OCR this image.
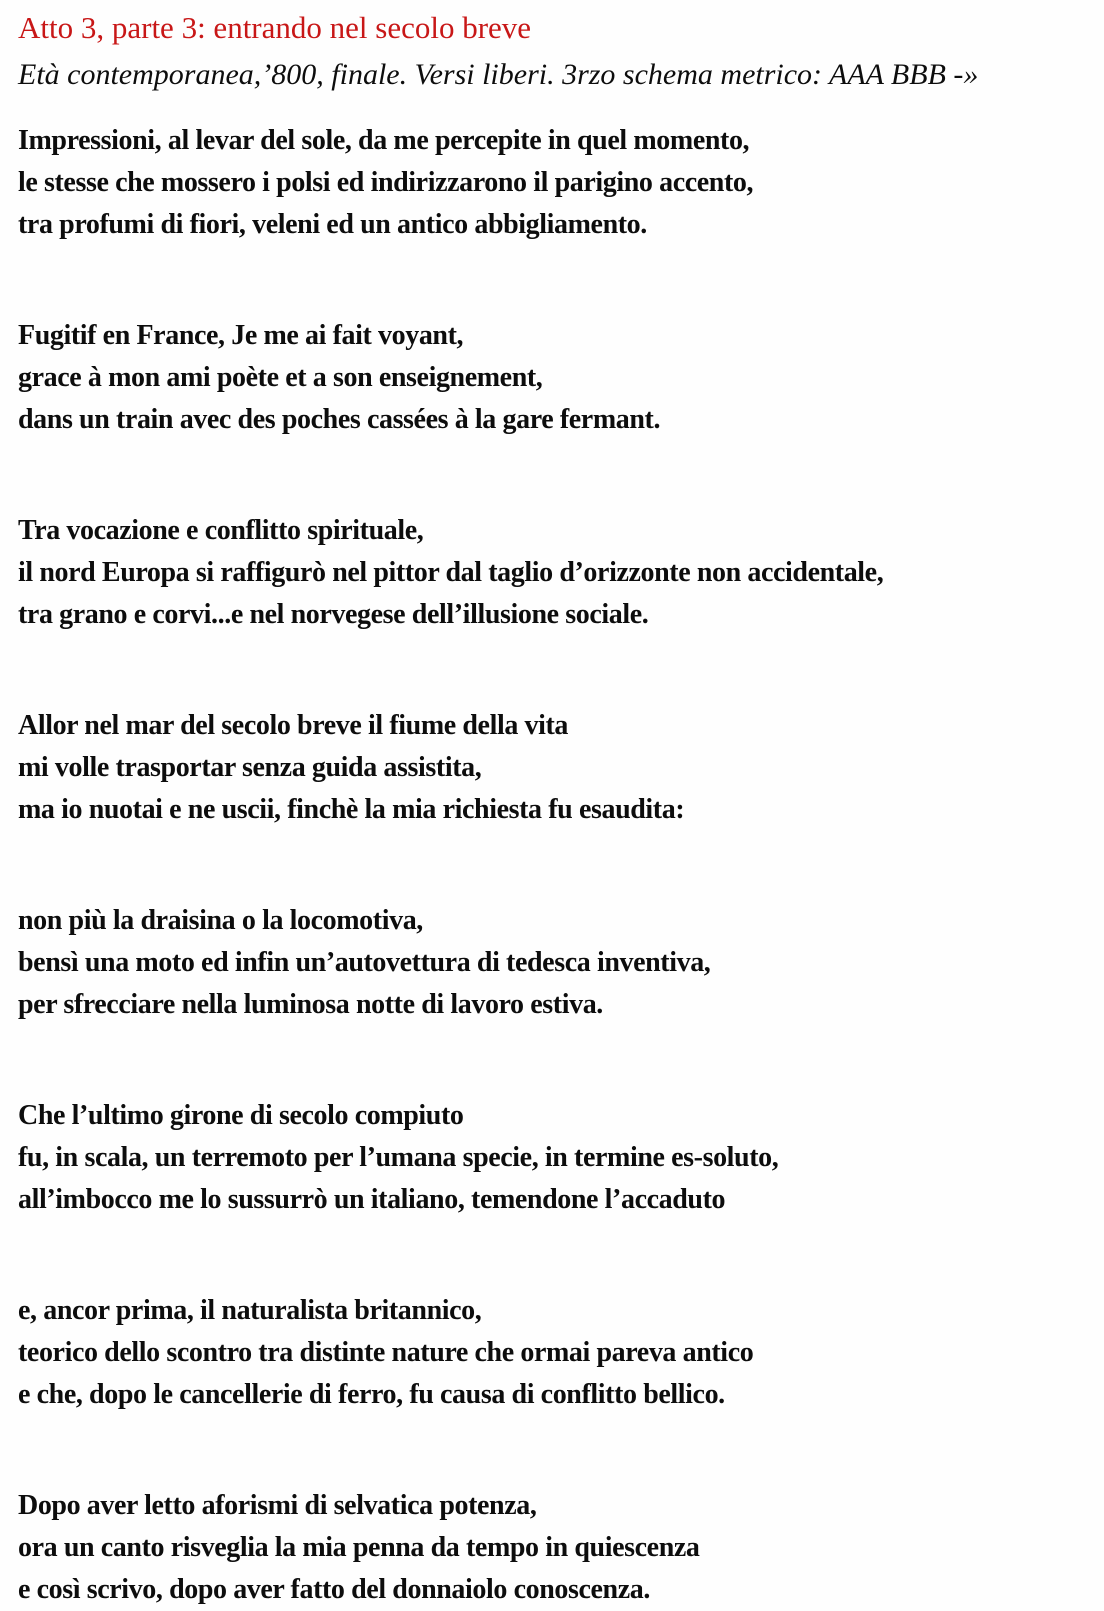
Atto 3, parte 3: entrando nel secolo breve
Età contemporanea,’800, finale. Versi liberi. 3rzo schema metrico: AAA BBB -»
Impressioni, al levar del sole, da me percepite in quel momento,
le stesse che mossero i polsi ed indirizzarono il parigino accento,
tra profumi di fiori, veleni ed un antico abbigliamento.
Fugitif en France, Je me ai fait voyant,
grace à mon ami poète et a son enseignement,
dans un train avec des poches cassées à la gare fermant.
Tra vocazione e conflitto spirituale,
il nord Europa si raffigurò nel pittor dal taglio d’orizzonte non accidentale,
tra grano e corvi...e nel norvegese dell’illusione sociale.
Allor nel mar del secolo breve il fiume della vita
mi volle trasportar senza guida assistita,
ma io nuotai e ne uscii, finchè la mia richiesta fu esaudita:
non più la draisina o la locomotiva,
bensì una moto ed infin un’autovettura di tedesca inventiva,
per sfrecciare nella luminosa notte di lavoro estiva.
Che l’ultimo girone di secolo compiuto
fu, in scala, un terremoto per l’umana specie, in termine es-soluto,
all’imbocco me lo sussurrò un italiano, temendone l’accaduto
e, ancor prima, il naturalista britannico,
teorico dello scontro tra distinte nature che ormai pareva antico
e che, dopo le cancellerie di ferro, fu causa di conflitto bellico.
Dopo aver letto aforismi di selvatica potenza,
ora un canto risveglia la mia penna da tempo in quiescenza
e così scrivo, dopo aver fatto del donnaiolo conoscenza.
